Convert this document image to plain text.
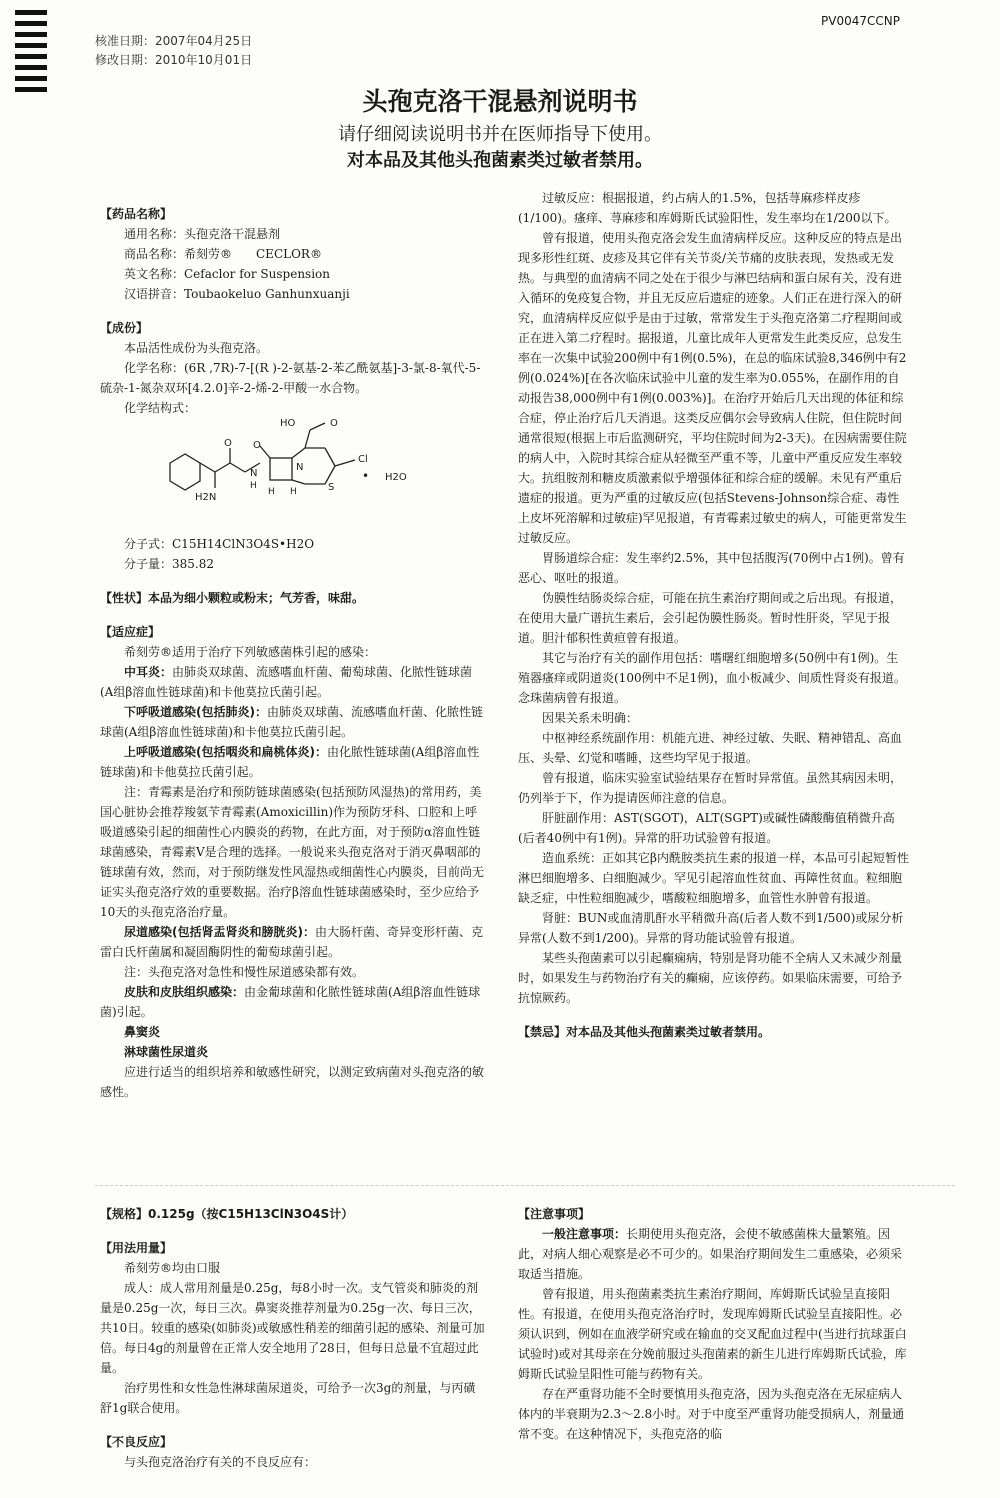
PV0047CCNP
核准日期：2007年04月25日
修改日期：2010年10月01日
头孢克洛干混悬剂说明书
请仔细阅读说明书并在医师指导下使用。
对本品及其他头孢菌素类过敏者禁用。

【药品名称】

通用名称：头孢克洛干混悬剂

商品名称：希刻劳®　　CECLOR®

英文名称：Cefaclor for Suspension

汉语拼音：Toubaokeluo Ganhunxuanji

【成份】

本品活性成份为头孢克洛。

化学名称：(6R ,7R)-7-[(R )-2-氨基-2-苯乙酰氨基]-3-氯-8-氧代-5-硫杂-1-氮杂双环[4.2.0]辛-2-烯-2-甲酸一水合物。

化学结构式：

HO	O
O O
Cl
N
H
N
S
H2N	H H
• H2O

分子式：C15H14ClN3O4S•H2O

分子量：385.82

【性状】本品为细小颗粒或粉末；气芳香，味甜。

【适应症】

希刻劳®适用于治疗下列敏感菌株引起的感染：

中耳炎：由肺炎双球菌、流感嗜血杆菌、葡萄球菌、化脓性链球菌(A组β溶血性链球菌)和卡他莫拉氏菌引起。

下呼吸道感染(包括肺炎)：由肺炎双球菌、流感嗜血杆菌、化脓性链球菌(A组β溶血性链球菌)和卡他莫拉氏菌引起。

上呼吸道感染(包括咽炎和扁桃体炎)：由化脓性链球菌(A组β溶血性链球菌)和卡他莫拉氏菌引起。

注：青霉素是治疗和预防链球菌感染(包括预防风湿热)的常用药，美国心脏协会推荐羧氨苄青霉素(Amoxicillin)作为预防牙科、口腔和上呼吸道感染引起的细菌性心内膜炎的药物，在此方面，对于预防α溶血性链球菌感染，青霉素V是合理的选择。一般说来头孢克洛对于消灭鼻咽部的链球菌有效，然而，对于预防继发性风湿热或细菌性心内膜炎，目前尚无证实头孢克洛疗效的重要数据。治疗β溶血性链球菌感染时，至少应给予10天的头孢克洛治疗量。

尿道感染(包括肾盂肾炎和膀胱炎)：由大肠杆菌、奇异变形杆菌、克雷白氏杆菌属和凝固酶阴性的葡萄球菌引起。

注：头孢克洛对急性和慢性尿道感染都有效。

皮肤和皮肤组织感染：由金葡球菌和化脓性链球菌(A组β溶血性链球菌)引起。

鼻窦炎

淋球菌性尿道炎

应进行适当的组织培养和敏感性研究，以测定致病菌对头孢克洛的敏感性。

【规格】0.125g（按C15H13ClN3O4S计）

【用法用量】

希刻劳®均由口服

成人：成人常用剂量是0.25g，每8小时一次。支气管炎和肺炎的剂量是0.25g一次，每日三次。鼻窦炎推荐剂量为0.25g一次、每日三次，共10日。较重的感染(如肺炎)或敏感性稍差的细菌引起的感染、剂量可加倍。每日4g的剂量曾在正常人安全地用了28日，但每日总量不宜超过此量。

治疗男性和女性急性淋球菌尿道炎，可给予一次3g的剂量，与丙磺舒1g联合使用。

【不良反应】

与头孢克洛治疗有关的不良反应有：

过敏反应：根据报道，约占病人的1.5%，包括荨麻疹样皮疹(1/100)。瘙痒、荨麻疹和库姆斯氏试验阳性，发生率均在1/200以下。

曾有报道，使用头孢克洛会发生血清病样反应。这种反应的特点是出现多形性红斑、皮疹及其它伴有关节炎/关节痛的皮肤表现，发热或无发热。与典型的血清病不同之处在于很少与淋巴结病和蛋白尿有关，没有进入循环的免疫复合物，并且无反应后遗症的迹象。人们正在进行深入的研究，血清病样反应似乎是由于过敏，常常发生于头孢克洛第二疗程期间或正在进入第二疗程时。据报道，儿童比成年人更常发生此类反应，总发生率在一次集中试验200例中有1例(0.5%)，在总的临床试验8,346例中有2例(0.024%)[在各次临床试验中儿童的发生率为0.055%，在副作用的自动报告38,000例中有1例(0.003%)]。在治疗开始后几天出现的体征和综合症，停止治疗后几天消退。这类反应偶尔会导致病人住院，但住院时间通常很短(根据上市后监测研究，平均住院时间为2-3天)。在因病需要住院的病人中，入院时其综合症从轻微至严重不等，儿童中严重反应发生率较大。抗组胺剂和糖皮质激素似乎增强体征和综合症的缓解。未见有严重后遗症的报道。更为严重的过敏反应(包括Stevens-Johnson综合症、毒性上皮坏死溶解和过敏症)罕见报道，有青霉素过敏史的病人，可能更常发生过敏反应。

胃肠道综合症：发生率约2.5%，其中包括腹泻(70例中占1例)。曾有恶心、呕吐的报道。

伪膜性结肠炎综合症，可能在抗生素治疗期间或之后出现。有报道，在使用大量广谱抗生素后，会引起伪膜性肠炎。暂时性肝炎，罕见于报道。胆汁郁积性黄疸曾有报道。

其它与治疗有关的副作用包括：嗜曙红细胞增多(50例中有1例)。生殖器瘙痒或阴道炎(100例中不足1例)，血小板减少、间质性肾炎有报道。念珠菌病曾有报道。

因果关系未明确：

中枢神经系统副作用：机能亢进、神经过敏、失眠、精神错乱、高血压、头晕、幻觉和嗜睡，这些均罕见于报道。

曾有报道，临床实验室试验结果存在暂时异常值。虽然其病因未明，仍列举于下，作为提请医师注意的信息。

肝脏副作用：AST(SGOT)，ALT(SGPT)或碱性磷酸酶值稍微升高(后者40例中有1例)。异常的肝功试验曾有报道。

造血系统：正如其它β内酰胺类抗生素的报道一样，本品可引起短暂性淋巴细胞增多、白细胞减少。罕见引起溶血性贫血、再障性贫血。粒细胞缺乏症，中性粒细胞减少，嗜酸粒细胞增多，血管性水肿曾有报道。

肾脏：BUN或血清肌酐水平稍微升高(后者人数不到1/500)或尿分析异常(人数不到1/200)。异常的肾功能试验曾有报道。

某些头孢菌素可以引起癫痫病，特别是肾功能不全病人又未减少剂量时，如果发生与药物治疗有关的癫痫，应该停药。如果临床需要，可给予抗惊厥药。

【禁忌】对本品及其他头孢菌素类过敏者禁用。

【注意事项】

一般注意事项：长期使用头孢克洛，会使不敏感菌株大量繁殖。因此，对病人细心观察是必不可少的。如果治疗期间发生二重感染，必须采取适当措施。

曾有报道，用头孢菌素类抗生素治疗期间，库姆斯氏试验呈直接阳性。有报道，在使用头孢克洛治疗时，发现库姆斯氏试验呈直接阳性。必须认识到，例如在血液学研究或在输血的交叉配血过程中(当进行抗球蛋白试验时)或对其母亲在分娩前服过头孢菌素的新生儿进行库姆斯氏试验，库姆斯氏试验呈阳性可能与药物有关。

存在严重肾功能不全时要慎用头孢克洛，因为头孢克洛在无尿症病人体内的半衰期为2.3～2.8小时。对于中度至严重肾功能受损病人，剂量通常不变。在这种情况下，头孢克洛的临
